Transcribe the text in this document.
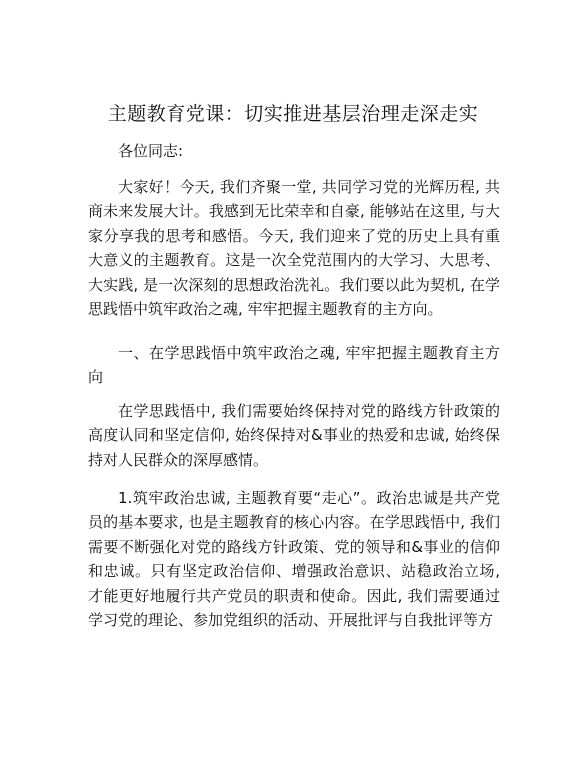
主题教育党课：切实推进基层治理走深走实

各位同志:

大家好！今天, 我们齐聚一堂, 共同学习党的光辉历程, 共商未来发展大计。我感到无比荣幸和自豪, 能够站在这里, 与大家分享我的思考和感悟。今天, 我们迎来了党的历史上具有重大意义的主题教育。这是一次全党范围内的大学习、大思考、大实践, 是一次深刻的思想政治洗礼。我们要以此为契机, 在学思践悟中筑牢政治之魂, 牢牢把握主题教育的主方向。

一、在学思践悟中筑牢政治之魂, 牢牢把握主题教育主方向

在学思践悟中, 我们需要始终保持对党的路线方针政策的高度认同和坚定信仰, 始终保持对&事业的热爱和忠诚, 始终保持对人民群众的深厚感情。

1.筑牢政治忠诚, 主题教育要“走心”。政治忠诚是共产党员的基本要求, 也是主题教育的核心内容。在学思践悟中, 我们需要不断强化对党的路线方针政策、党的领导和&事业的信仰和忠诚。只有坚定政治信仰、增强政治意识、站稳政治立场, 才能更好地履行共产党员的职责和使命。因此, 我们需要通过学习党的理论、参加党组织的活动、开展批评与自我批评等方
